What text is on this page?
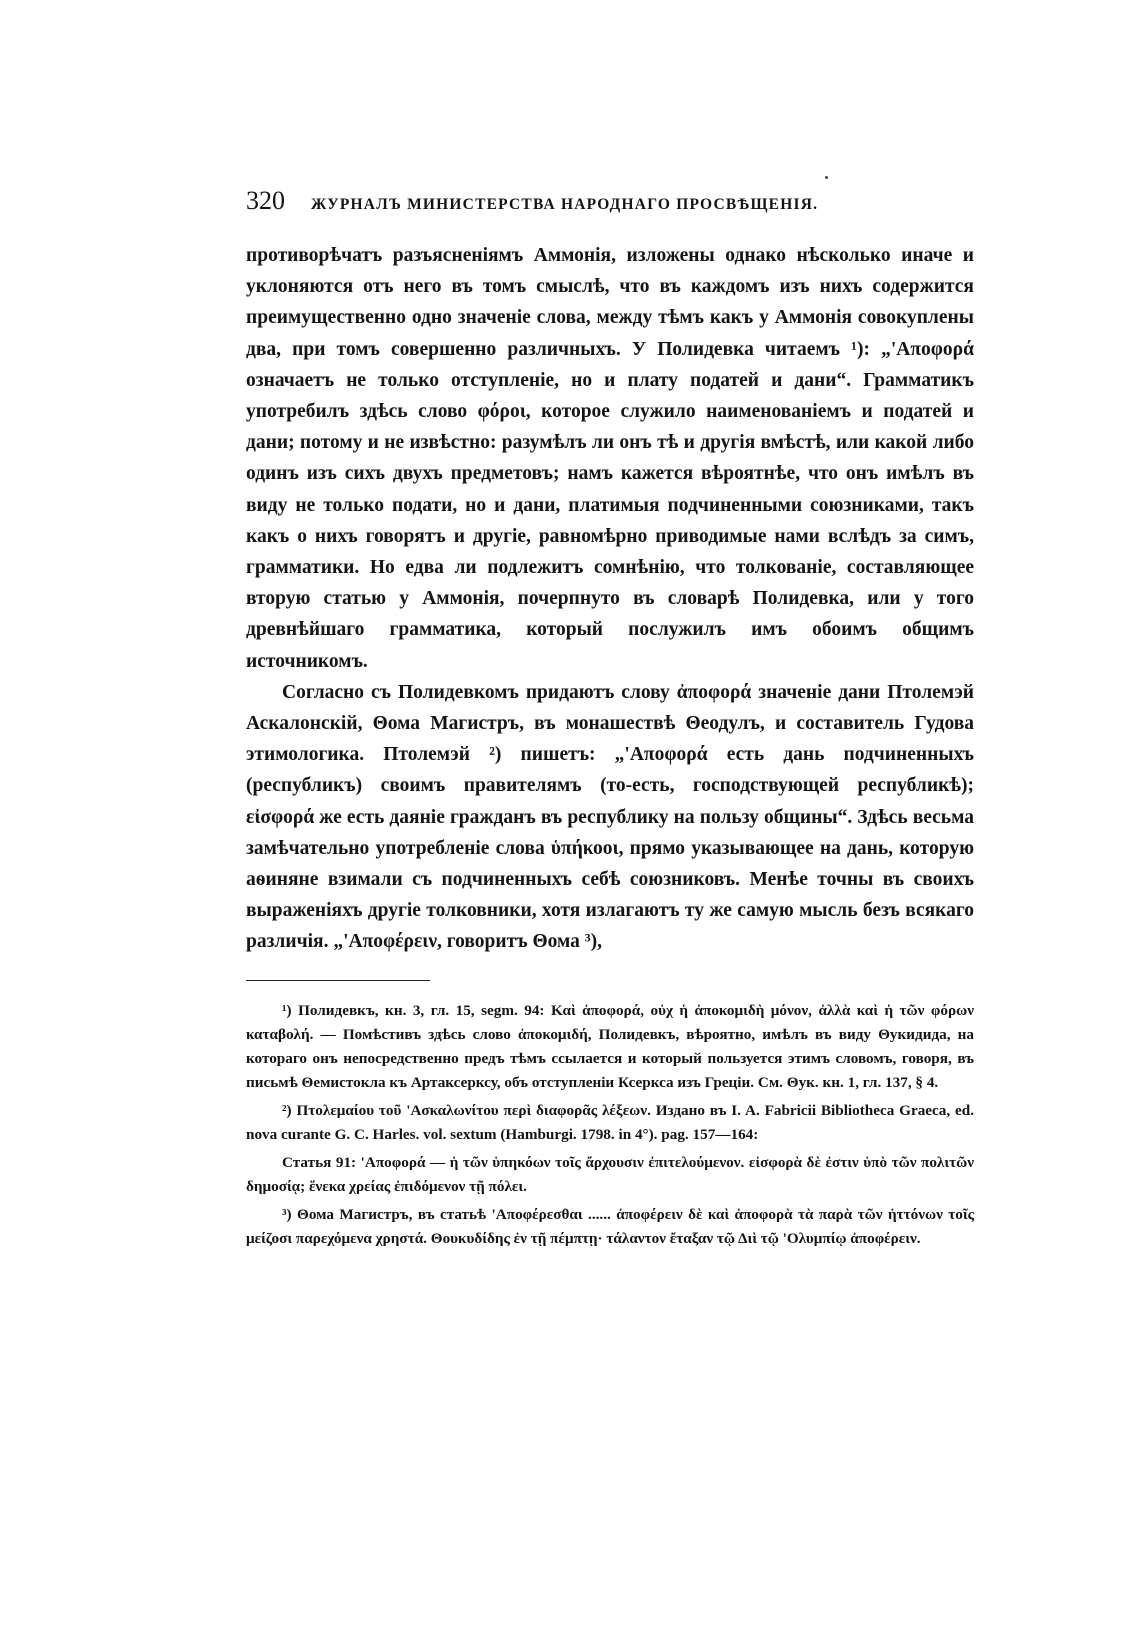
320 ЖУРНАЛЪ МИНИСТЕРСТВА НАРОДНАГО ПРОСВѢЩЕНІЯ.

противорѣчатъ разъясненіямъ Аммонія, изложены однако нѣсколько иначе и уклоняются отъ него въ томъ смыслѣ, что въ каждомъ изъ нихъ содержится преимущественно одно значеніе слова, между тѣмъ какъ у Аммонія совокуплены два, при томъ совершенно различныхъ. У Полидевка читаемъ ¹): „'Αποφορά означаетъ не только отступленіе, но и плату податей и дани“. Грамматикъ употребилъ здѣсь слово φόροι, которое служило наименованіемъ и податей и дани; потому и не извѣстно: разумѣлъ ли онъ тѣ и другія вмѣстѣ, или какой либо одинъ изъ сихъ двухъ предметовъ; намъ кажется вѣроятнѣе, что онъ имѣлъ въ виду не только подати, но и дани, платимыя подчиненными союзниками, такъ какъ о нихъ говорятъ и другіе, равномѣрно приводимые нами вслѣдъ за симъ, грамматики. Но едва ли подлежитъ сомнѣнію, что толкованіе, составляющее вторую статью у Аммонія, почерпнуто въ словарѣ Полидевка, или у того древнѣйшаго грамматика, который послужилъ имъ обоимъ общимъ источникомъ.

Согласно съ Полидевкомъ придаютъ слову ἀποφορά значеніе дани Птолемэй Аскалонскій, Θома Магистръ, въ монашествѣ Θеодулъ, и составитель Гудова этимологика. Птолемэй ²) пишетъ: „'Αποφορά есть дань подчиненныхъ (республикъ) своимъ правителямъ (то-есть, господствующей республикѣ); εἰσφορά же есть даяніе гражданъ въ республику на пользу общины“. Здѣсь весьма замѣчательно употребленіе слова ὑπήκοοι, прямо указывающее на дань, которую аѳиняне взимали съ подчиненныхъ себѣ союзниковъ. Менѣе точны въ своихъ выраженіяхъ другіе толковники, хотя излагаютъ ту же самую мысль безъ всякаго различія. „'Αποφέρειν, говоритъ Θома ³),

¹) Полидевкъ, кн. 3, гл. 15, segm. 94: Καὶ ἀποφορά, οὐχ ἡ ἀποκομιδὴ μόνον, ἀλλὰ καὶ ἡ τῶν φόρων καταβολή. — Помѣстивъ здѣсь слово ἀποκομιδή, Полидевкъ, вѣроятно, имѣлъ въ виду Θукидида, на котораго онъ непосредственно предъ тѣмъ ссылается и который пользуется этимъ словомъ, говоря, въ письмѣ Θемистокла къ Артаксерксу, объ отступленіи Ксеркса изъ Греціи. См. Θук. кн. 1, гл. 137, § 4.

²) Πτολεμαίου τοῦ 'Ασκαλωνίτου περὶ διαφορᾶς λέξεων. Издано въ I. A. Fabricii Bibliotheca Graeca, ed. nova curante G. C. Harles. vol. sextum (Hamburgi. 1798. in 4°). pag. 157—164:

Статья 91: 'Αποφορά — ἡ τῶν ὑπηκόων τοῖς ἄρχουσιν ἐπιτελούμενον. εἰσφορὰ δὲ ἐστιν ὑπὸ τῶν πολιτῶν δημοσίᾳ; ἕνεκα χρείας ἐπιδόμενον τῇ πόλει.

³) Θома Магистръ, въ статьѣ 'Αποφέρεσθαι ...... ἀποφέρειν δὲ καὶ ἀποφορὰ τὰ παρὰ τῶν ἡττόνων τοῖς μείζοσι παρεχόμενα χρηστά. Θουκυδίδης ἐν τῇ πέμπτῃ· τάλαντον ἔταξαν τῷ Διὶ τῷ 'Ολυμπίῳ ἀποφέρειν.
